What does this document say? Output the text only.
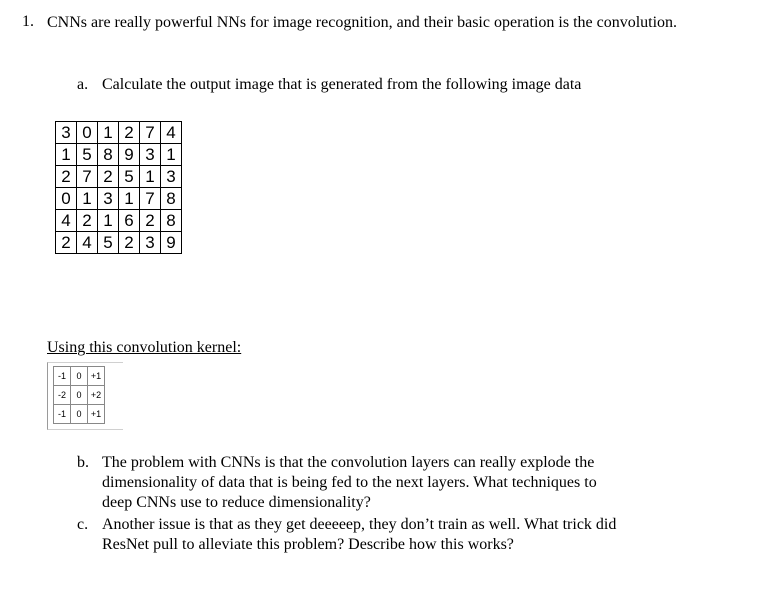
1. CNNs are really powerful NNs for image recognition, and their basic operation is the convolution.
a. Calculate the output image that is generated from the following image data
3	0	1	2	7	4
1	5	8	9	3	1
2	7	2	5	1	3
0	1	3	1	7	8
4	2	1	6	2	8
2	4	5	2	3	9
Using this convolution kernel:
-1	0	+1
-2	0	+2
-1	0	+1
b. The problem with CNNs is that the convolution layers can really explode the
dimensionality of data that is being fed to the next layers. What techniques to
deep CNNs use to reduce dimensionality?
c. Another issue is that as they get deeeeep, they don’t train as well. What trick did
ResNet pull to alleviate this problem? Describe how this works?
